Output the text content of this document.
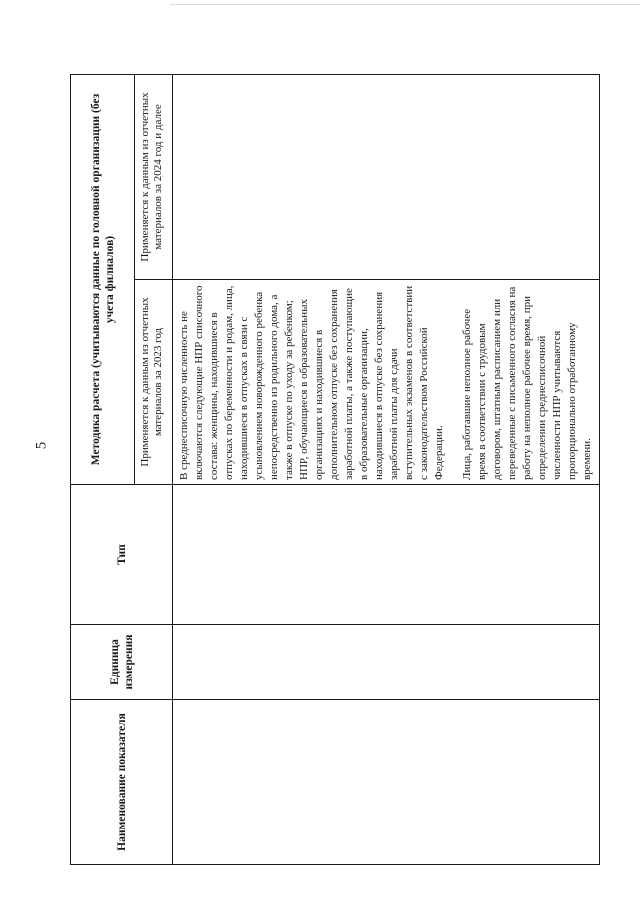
5
Наименование показателя	Единица измерения	Тип	Методика расчета (учитываются данные по головной организации (без учета филиалов)	
			Применяется к данным из отчетных материалов за 2023 год	Применяется к данным из отчетных материалов за 2024 год и далее

			В среднесписочную численность не включаются следующие НПР списочного состава: женщины, находившиеся в отпусках по беременности и родам, лица, находившиеся в отпусках в связи с усыновлением новорожденного ребенка непосредственно из родильного дома, а также в отпуске по уходу за ребенком; НПР, обучающиеся в образовательных организациях и находившиеся в дополнительном отпуске без сохранения заработной платы, а также поступающие в образовательные организации, находившиеся в отпуске без сохранения заработной платы для сдачи вступительных экзаменов в соответствии с законодательством Российской Федерации. Лица, работавшие неполное рабочее время в соответствии с трудовым договором, штатным расписанием или переведенные с письменного согласия на работу на неполное рабочее время, при определении среднесписочной численности НПР учитываются пропорционально отработанному времени.	
